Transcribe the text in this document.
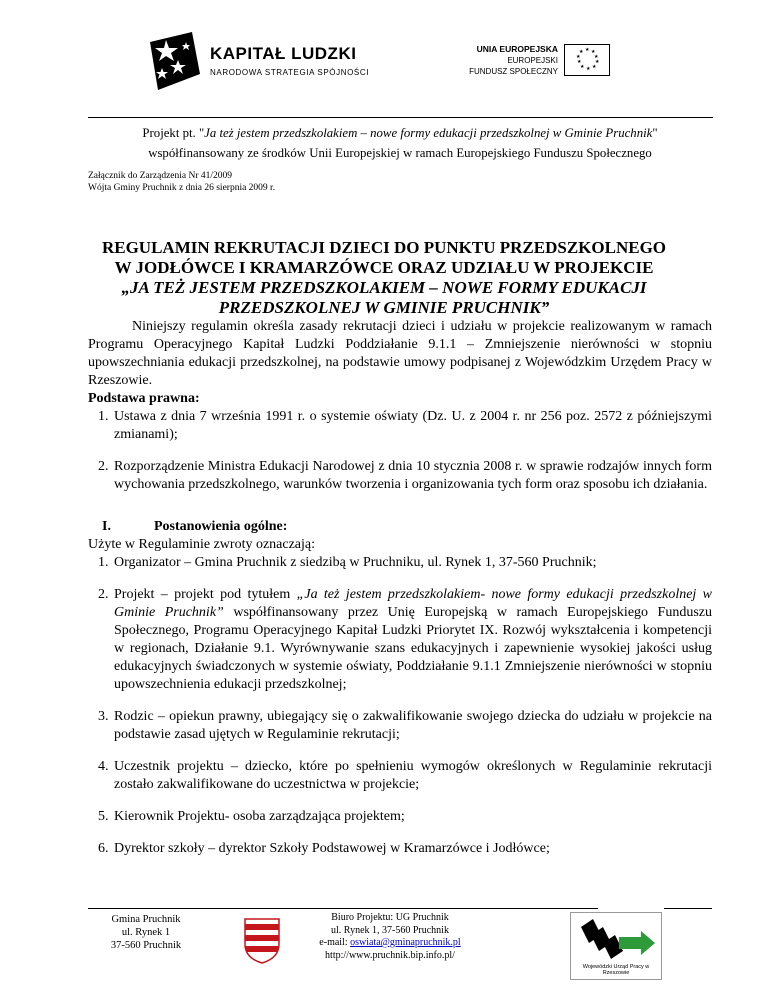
KAPITAŁ LUDZKI
NARODOWA STRATEGIA SPÓJNOŚCI
UNIA EUROPEJSKA
EUROPEJSKI
FUNDUSZ SPOŁECZNY
★ ★
★
★
★
★
★
★
★
★
Projekt pt. "Ja też jestem przedszkolakiem – nowe formy edukacji przedszkolnej w Gminie Pruchnik"
współfinansowany ze środków Unii Europejskiej w ramach Europejskiego Funduszu Społecznego
Załącznik do Zarządzenia Nr 41/2009
Wójta Gminy Pruchnik z dnia 26 sierpnia 2009 r.
REGULAMIN REKRUTACJI DZIECI DO PUNKTU PRZEDSZKOLNEGO
W JODŁÓWCE I KRAMARZÓWCE ORAZ UDZIAŁU W PROJEKCIE
„JA TEŻ JESTEM PRZEDSZKOLAKIEM – NOWE FORMY EDUKACJI
PRZEDSZKOLNEJ W GMINIE PRUCHNIK”

Niniejszy regulamin określa zasady rekrutacji dzieci i udziału w projekcie realizowanym w ramach Programu Operacyjnego Kapitał Ludzki Poddziałanie 9.1.1 – Zmniejszenie nierówności w stopniu upowszechniania edukacji przedszkolnej, na podstawie umowy podpisanej z Wojewódzkim Urzędem Pracy w Rzeszowie.

Podstawa prawna:

1. Ustawa z dnia 7 września 1991 r. o systemie oświaty (Dz. U. z 2004 r. nr 256 poz. 2572 z późniejszymi zmianami);
2. Rozporządzenie Ministra Edukacji Narodowej z dnia 10 stycznia 2008 r. w sprawie rodzajów innych form wychowania przedszkolnego, warunków tworzenia i organizowania tych form oraz sposobu ich działania.
I.	Postanowienia ogólne:

Użyte w Regulaminie zwroty oznaczają:

1. Organizator – Gmina Pruchnik z siedzibą w Pruchniku, ul. Rynek 1, 37-560 Pruchnik;
2. Projekt – projekt pod tytułem „Ja też jestem przedszkolakiem- nowe formy edukacji przedszkolnej w Gminie Pruchnik” współfinansowany przez Unię Europejską w ramach Europejskiego Funduszu Społecznego, Programu Operacyjnego Kapitał Ludzki Priorytet IX. Rozwój wykształcenia i kompetencji w regionach, Działanie 9.1. Wyrównywanie szans edukacyjnych i zapewnienie wysokiej jakości usług edukacyjnych świadczonych w systemie oświaty, Poddziałanie 9.1.1 Zmniejszenie nierówności w stopniu upowszechnienia edukacji przedszkolnej;
3. Rodzic – opiekun prawny, ubiegający się o zakwalifikowanie swojego dziecka do udziału w projekcie na podstawie zasad ujętych w Regulaminie rekrutacji;
4. Uczestnik projektu – dziecko, które po spełnieniu wymogów określonych w Regulaminie rekrutacji zostało zakwalifikowane do uczestnictwa w projekcie;
5. Kierownik Projektu- osoba zarządzająca projektem;
6. Dyrektor szkoły – dyrektor Szkoły Podstawowej w Kramarzówce i Jodłówce;
Gmina Pruchnik
ul. Rynek 1
37-560 Pruchnik
Biuro Projektu: UG Pruchnik
ul. Rynek 1, 37-560 Pruchnik
e-mail: oswiata@gminapruchnik.pl
http://www.pruchnik.bip.info.pl/
Wojewódzki Urząd Pracy w Rzeszowie
